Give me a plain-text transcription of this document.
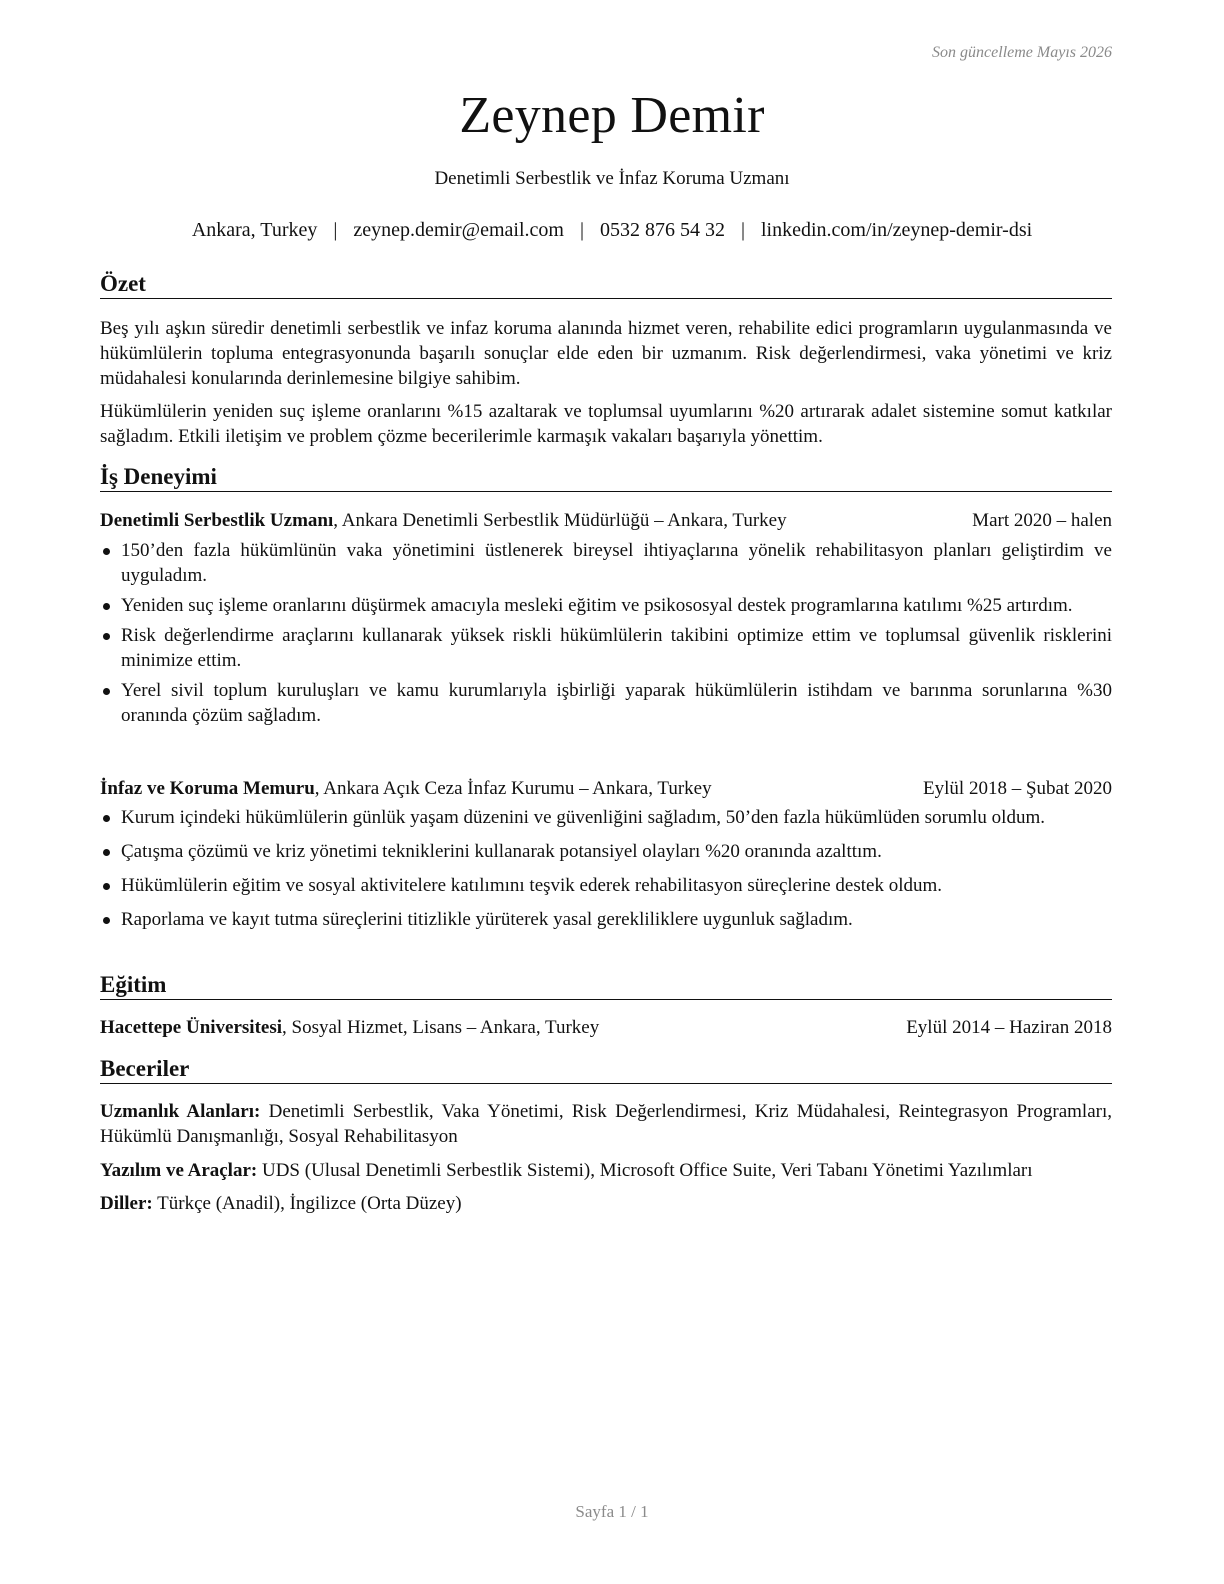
Son güncelleme Mayıs 2026
Zeynep Demir
Denetimli Serbestlik ve İnfaz Koruma Uzmanı
Ankara, Turkey | zeynep.demir@email.com | 0532 876 54 32 | linkedin.com/in/zeynep-demir-dsi
Özet
Beş yılı aşkın süredir denetimli serbestlik ve infaz koruma alanında hizmet veren, rehabilite edici programların uygulanmasında ve hükümlülerin topluma entegrasyonunda başarılı sonuçlar elde eden bir uzmanım. Risk değerlendirmesi, vaka yönetimi ve kriz müdahalesi konularında derinlemesine bilgiye sahibim.
Hükümlülerin yeniden suç işleme oranlarını %15 azaltarak ve toplumsal uyumlarını %20 artırarak adalet sistemine somut katkılar sağladım. Etkili iletişim ve problem çözme becerilerimle karmaşık vakaları başarıyla yönettim.
İş Deneyimi
Denetimli Serbestlik Uzmanı, Ankara Denetimli Serbestlik Müdürlüğü – Ankara, Turkey	Mart 2020 – halen
150’den fazla hükümlünün vaka yönetimini üstlenerek bireysel ihtiyaçlarına yönelik rehabilitasyon planları geliştirdim ve uyguladım.
Yeniden suç işleme oranlarını düşürmek amacıyla mesleki eğitim ve psikososyal destek programlarına katılımı %25 artırdım.
Risk değerlendirme araçlarını kullanarak yüksek riskli hükümlülerin takibini optimize ettim ve toplumsal güvenlik risklerini minimize ettim.
Yerel sivil toplum kuruluşları ve kamu kurumlarıyla işbirliği yaparak hükümlülerin istihdam ve barınma sorunlarına %30 oranında çözüm sağladım.
İnfaz ve Koruma Memuru, Ankara Açık Ceza İnfaz Kurumu – Ankara, Turkey	Eylül 2018 – Şubat 2020
Kurum içindeki hükümlülerin günlük yaşam düzenini ve güvenliğini sağladım, 50’den fazla hükümlüden sorumlu oldum.
Çatışma çözümü ve kriz yönetimi tekniklerini kullanarak potansiyel olayları %20 oranında azalttım.
Hükümlülerin eğitim ve sosyal aktivitelere katılımını teşvik ederek rehabilitasyon süreçlerine destek oldum.
Raporlama ve kayıt tutma süreçlerini titizlikle yürüterek yasal gerekliliklere uygunluk sağladım.
Eğitim
Hacettepe Üniversitesi, Sosyal Hizmet, Lisans – Ankara, Turkey	Eylül 2014 – Haziran 2018
Beceriler
Uzmanlık Alanları: Denetimli Serbestlik, Vaka Yönetimi, Risk Değerlendirmesi, Kriz Müdahalesi, Reintegrasyon Programları, Hükümlü Danışmanlığı, Sosyal Rehabilitasyon
Yazılım ve Araçlar: UDS (Ulusal Denetimli Serbestlik Sistemi), Microsoft Office Suite, Veri Tabanı Yönetimi Yazılımları
Diller: Türkçe (Anadil), İngilizce (Orta Düzey)
Sayfa 1 / 1
